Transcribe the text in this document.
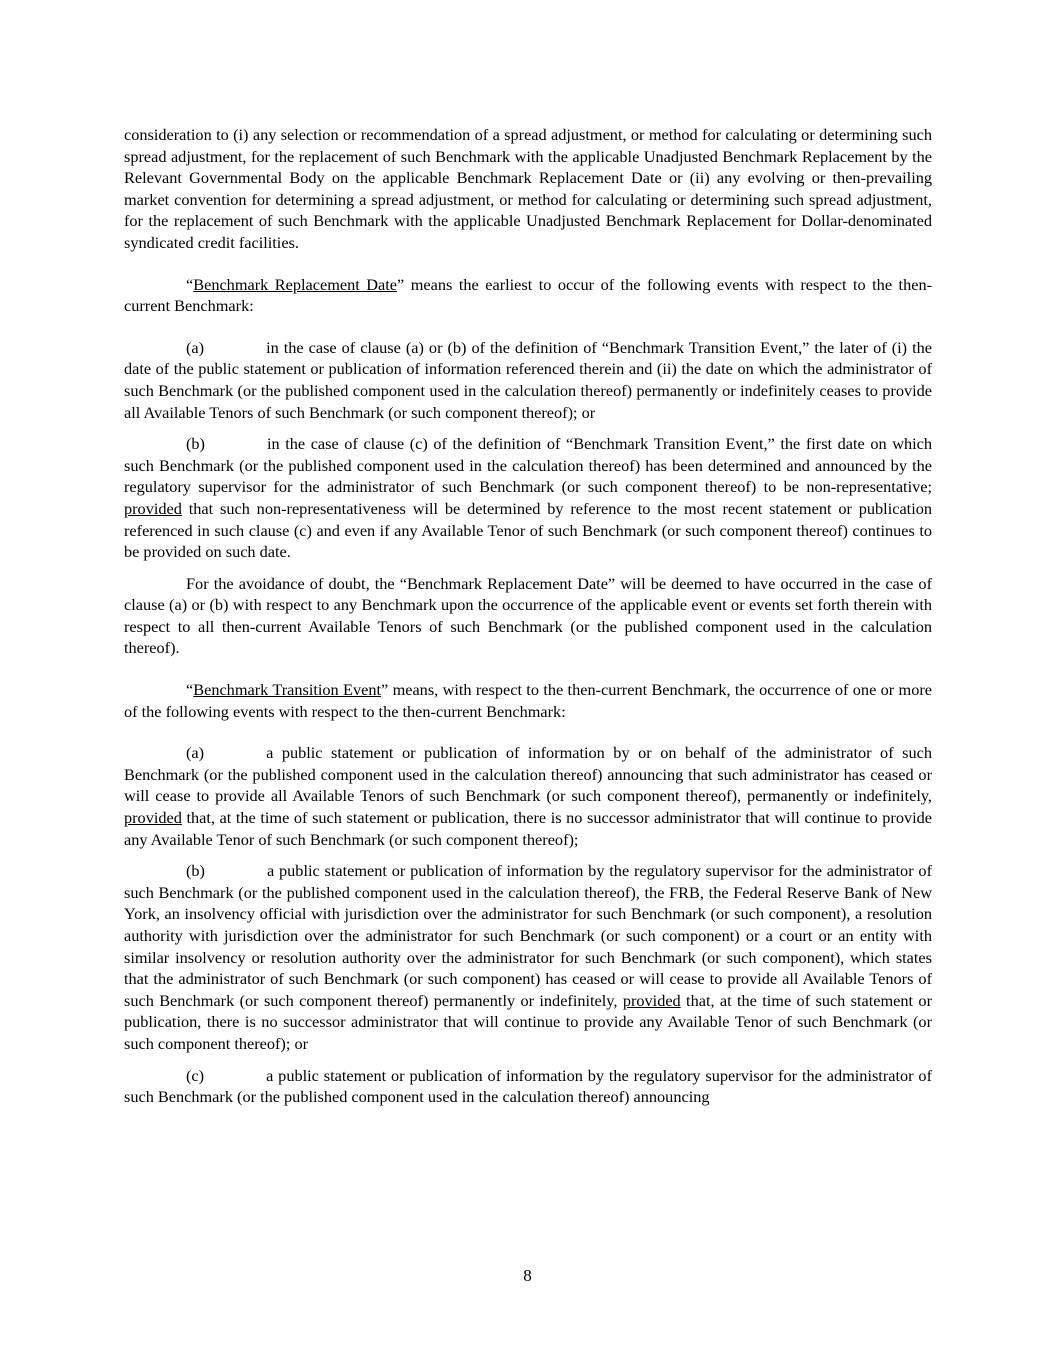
consideration to (i) any selection or recommendation of a spread adjustment, or method for calculating or determining such spread adjustment, for the replacement of such Benchmark with the applicable Unadjusted Benchmark Replacement by the Relevant Governmental Body on the applicable Benchmark Replacement Date or (ii) any evolving or then-prevailing market convention for determining a spread adjustment, or method for calculating or determining such spread adjustment, for the replacement of such Benchmark with the applicable Unadjusted Benchmark Replacement for Dollar-denominated syndicated credit facilities.

“Benchmark Replacement Date” means the earliest to occur of the following events with respect to the then-current Benchmark:

(a)	in the case of clause (a) or (b) of the definition of “Benchmark Transition Event,” the later of (i) the date of the public statement or publication of information referenced therein and (ii) the date on which the administrator of such Benchmark (or the published component used in the calculation thereof) permanently or indefinitely ceases to provide all Available Tenors of such Benchmark (or such component thereof); or

(b)	in the case of clause (c) of the definition of “Benchmark Transition Event,” the first date on which such Benchmark (or the published component used in the calculation thereof) has been determined and announced by the regulatory supervisor for the administrator of such Benchmark (or such component thereof) to be non-representative; provided that such non-representativeness will be determined by reference to the most recent statement or publication referenced in such clause (c) and even if any Available Tenor of such Benchmark (or such component thereof) continues to be provided on such date.

For the avoidance of doubt, the “Benchmark Replacement Date” will be deemed to have occurred in the case of clause (a) or (b) with respect to any Benchmark upon the occurrence of the applicable event or events set forth therein with respect to all then-current Available Tenors of such Benchmark (or the published component used in the calculation thereof).

“Benchmark Transition Event” means, with respect to the then-current Benchmark, the occurrence of one or more of the following events with respect to the then-current Benchmark:

(a)	a public statement or publication of information by or on behalf of the administrator of such Benchmark (or the published component used in the calculation thereof) announcing that such administrator has ceased or will cease to provide all Available Tenors of such Benchmark (or such component thereof), permanently or indefinitely, provided that, at the time of such statement or publication, there is no successor administrator that will continue to provide any Available Tenor of such Benchmark (or such component thereof);

(b)	a public statement or publication of information by the regulatory supervisor for the administrator of such Benchmark (or the published component used in the calculation thereof), the FRB, the Federal Reserve Bank of New York, an insolvency official with jurisdiction over the administrator for such Benchmark (or such component), a resolution authority with jurisdiction over the administrator for such Benchmark (or such component) or a court or an entity with similar insolvency or resolution authority over the administrator for such Benchmark (or such component), which states that the administrator of such Benchmark (or such component) has ceased or will cease to provide all Available Tenors of such Benchmark (or such component thereof) permanently or indefinitely, provided that, at the time of such statement or publication, there is no successor administrator that will continue to provide any Available Tenor of such Benchmark (or such component thereof); or

(c)	a public statement or publication of information by the regulatory supervisor for the administrator of such Benchmark (or the published component used in the calculation thereof) announcing

8
